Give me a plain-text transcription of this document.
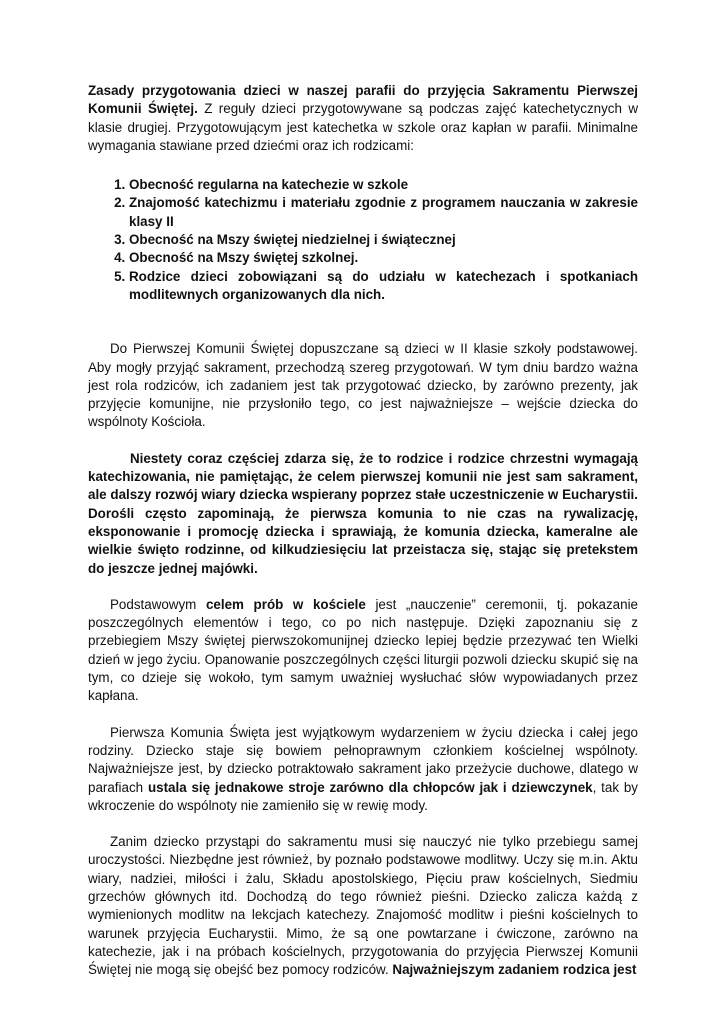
Zasady przygotowania dzieci w naszej parafii do przyjęcia Sakramentu Pierwszej Komunii Świętej. Z reguły dzieci przygotowywane są podczas zajęć katechetycznych w klasie drugiej. Przygotowującym jest katechetka w szkole oraz kapłan w parafii. Minimalne wymagania stawiane przed dziećmi oraz ich rodzicami:

1. Obecność regularna na katechezie w szkole
2. Znajomość katechizmu i materiału zgodnie z programem nauczania w zakresie klasy II
3. Obecność na Mszy świętej niedzielnej i świątecznej
4. Obecność na Mszy świętej szkolnej.
5. Rodzice dzieci zobowiązani są do udziału w katechezach i spotkaniach modlitewnych organizowanych dla nich.

Do Pierwszej Komunii Świętej dopuszczane są dzieci w II klasie szkoły podstawowej. Aby mogły przyjąć sakrament, przechodzą szereg przygotowań. W tym dniu bardzo ważna jest rola rodziców, ich zadaniem jest tak przygotować dziecko, by zarówno prezenty, jak przyjęcie komunijne, nie przysłoniło tego, co jest najważniejsze – wejście dziecka do wspólnoty Kościoła.

Niestety coraz częściej zdarza się, że to rodzice i rodzice chrzestni wymagają katechizowania, nie pamiętając, że celem pierwszej komunii nie jest sam sakrament, ale dalszy rozwój wiary dziecka wspierany poprzez stałe uczestniczenie w Eucharystii. Dorośli często zapominają, że pierwsza komunia to nie czas na rywalizację, eksponowanie i promocję dziecka i sprawiają, że komunia dziecka, kameralne ale wielkie święto rodzinne, od kilkudziesięciu lat przeistacza się, stając się pretekstem do jeszcze jednej majówki.

Podstawowym celem prób w kościele jest „nauczenie” ceremonii, tj. pokazanie poszczególnych elementów i tego, co po nich następuje. Dzięki zapoznaniu się z przebiegiem Mszy świętej pierwszokomunijnej dziecko lepiej będzie przezywać ten Wielki dzień w jego życiu. Opanowanie poszczególnych części liturgii pozwoli dziecku skupić się na tym, co dzieje się wokoło, tym samym uważniej wysłuchać słów wypowiadanych przez kapłana.

Pierwsza Komunia Święta jest wyjątkowym wydarzeniem w życiu dziecka i całej jego rodziny. Dziecko staje się bowiem pełnoprawnym członkiem kościelnej wspólnoty. Najważniejsze jest, by dziecko potraktowało sakrament jako przeżycie duchowe, dlatego w parafiach ustala się jednakowe stroje zarówno dla chłopców jak i dziewczynek, tak by wkroczenie do wspólnoty nie zamieniło się w rewię mody.

Zanim dziecko przystąpi do sakramentu musi się nauczyć nie tylko przebiegu samej uroczystości. Niezbędne jest również, by poznało podstawowe modlitwy. Uczy się m.in. Aktu wiary, nadziei, miłości i żalu, Składu apostolskiego, Pięciu praw kościelnych, Siedmiu grzechów głównych itd. Dochodzą do tego również pieśni. Dziecko zalicza każdą z wymienionych modlitw na lekcjach katechezy. Znajomość modlitw i pieśni kościelnych to warunek przyjęcia Eucharystii. Mimo, że są one powtarzane i ćwiczone, zarówno na katechezie, jak i na próbach kościelnych, przygotowania do przyjęcia Pierwszej Komunii Świętej nie mogą się obejść bez pomocy rodziców. Najważniejszym zadaniem rodzica jest
